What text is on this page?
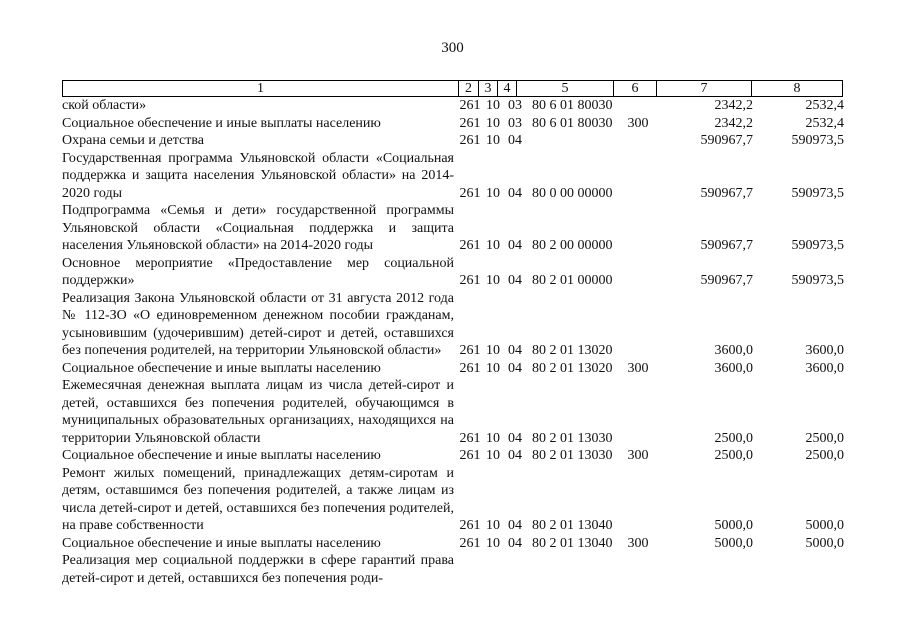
300
1	2	3	4	5	6	7	8
ской области»	261	10	03	80 6 01 80030		2342,2	2532,4
Социальное обеспечение и иные выплаты населению	261	10	03	80 6 01 80030	300	2342,2	2532,4
Охрана семьи и детства	261	10	04			590967,7	590973,5
Государственная программа Ульяновской области «Социальная поддержка и защита населения Ульяновской области» на 2014-2020 годы	261	10	04	80 0 00 00000		590967,7	590973,5
Подпрограмма «Семья и дети» государственной программы Ульяновской области «Социальная поддержка и защита населения Ульяновской области» на 2014-2020 годы	261	10	04	80 2 00 00000		590967,7	590973,5
Основное мероприятие «Предоставление мер социальной поддержки»	261	10	04	80 2 01 00000		590967,7	590973,5
Реализация Закона Ульяновской области от 31 августа 2012 года № 112-ЗО «О единовременном денежном пособии гражданам, усыновившим (удочерившим) детей-сирот и детей, оставшихся без попечения родителей, на территории Ульяновской области»	261	10	04	80 2 01 13020		3600,0	3600,0
Социальное обеспечение и иные выплаты населению	261	10	04	80 2 01 13020	300	3600,0	3600,0
Ежемесячная денежная выплата лицам из числа детей-сирот и детей, оставшихся без попечения родителей, обучающимся в муниципальных образовательных организациях, находящихся на территории Ульяновской области	261	10	04	80 2 01 13030		2500,0	2500,0
Социальное обеспечение и иные выплаты населению	261	10	04	80 2 01 13030	300	2500,0	2500,0
Ремонт жилых помещений, принадлежащих детям-сиротам и детям, оставшимся без попечения родителей, а также лицам из числа детей-сирот и детей, оставшихся без попечения родителей, на праве собственности	261	10	04	80 2 01 13040		5000,0	5000,0
Социальное обеспечение и иные выплаты населению	261	10	04	80 2 01 13040	300	5000,0	5000,0
Реализация мер социальной поддержки в сфере гарантий права детей-сирот и детей, оставшихся без попечения роди-							
